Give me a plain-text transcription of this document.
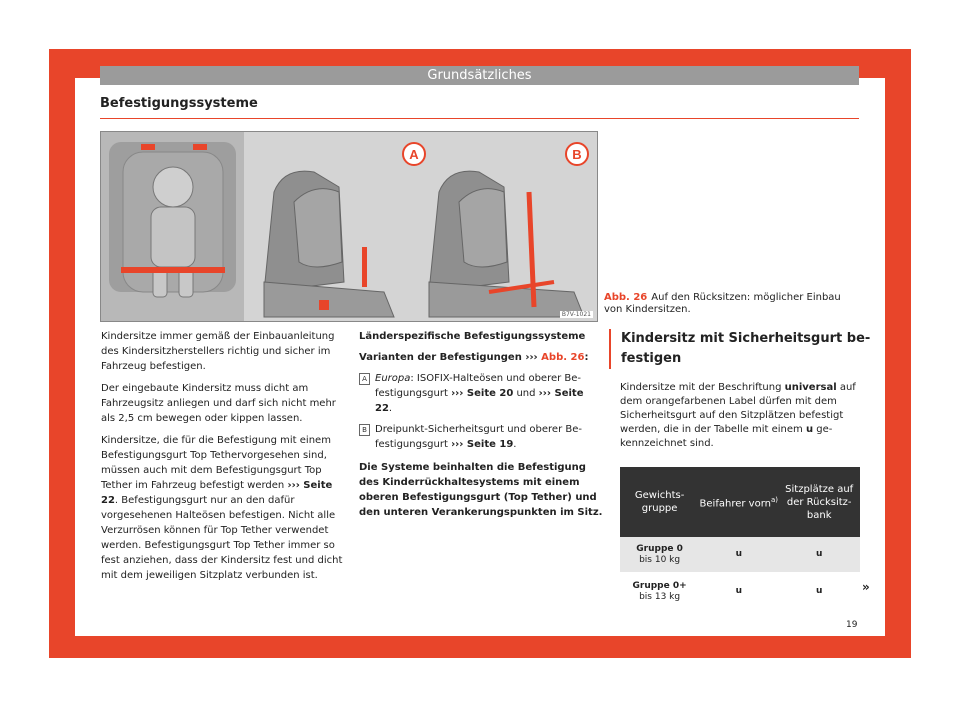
Grundsätzliches
Befestigungssysteme
A	B
B7V-1021
Abb. 26 Auf den Rücksitzen: möglicher Einbau von Kindersitzen.

Kindersitze immer gemäß der Einbauanleitung des Kindersitzherstellers richtig und sicher im Fahrzeug befestigen.

Der eingebaute Kindersitz muss dicht am Fahrzeugsitz anliegen und darf sich nicht mehr als 2,5 cm bewegen oder kippen lassen.

Kindersitze, die für die Befestigung mit einem Befestigungsgurt Top Tethervorgesehen sind, müssen auch mit dem Befestigungsgurt Top Tether im Fahrzeug befestigt werden ››› Seite 22. Befestigungsgurt nur an den dafür vorgesehenen Halteösen befestigen. Nicht alle Verzurrösen können für Top Tether verwendet werden. Befestigungsgurt Top Tether immer so fest anziehen, dass der Kindersitz fest und dicht mit dem jeweiligen Sitzplatz verbunden ist.

Länderspezifische Befestigungssysteme

Varianten der Befestigungen ››› Abb. 26:

A Europa: ISOFIX-Halteösen und oberer Befestigungsgurt ››› Seite 20 und ››› Seite 22.
B Dreipunkt-Sicherheitsgurt und oberer Befestigungsgurt ››› Seite 19.

Die Systeme beinhalten die Befestigung des Kinderrückhaltesystems mit einem oberen Befestigungsgurt (Top Tether) und den unteren Verankerungspunkten im Sitz.

Kindersitz mit Sicherheitsgurt befestigen
Kindersitze mit der Beschriftung universal auf dem orangefarbenen Label dürfen mit dem Sicherheitsgurt auf den Sitzplätzen befestigt werden, die in der Tabelle mit einem u gekennzeichnet sind.
Gewichts-gruppe	Beifahrer vorn$^{a)}$	Sitzplätze auf der Rücksitz-bank
Gruppe 0
bis 10 kg	u	u
Gruppe 0+
bis 13 kg	u	u	»
19
